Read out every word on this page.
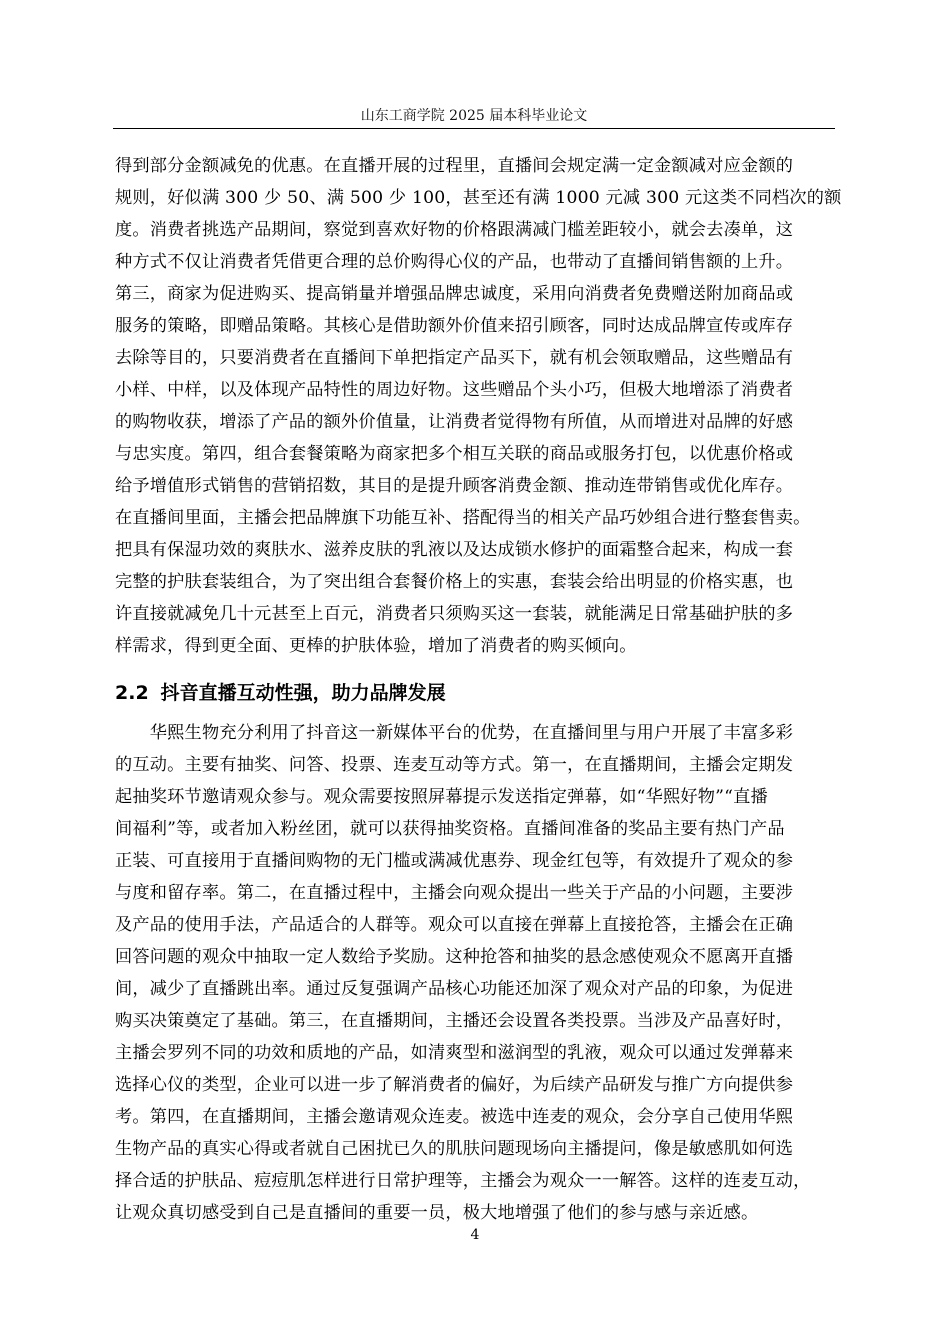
山东工商学院 2025 届本科毕业论文
得到部分金额减免的优惠。在直播开展的过程里，直播间会规定满一定金额减对应金额的
规则，好似满 300 少 50、满 500 少 100，甚至还有满 1000 元减 300 元这类不同档次的额
度。消费者挑选产品期间，察觉到喜欢好物的价格跟满减门槛差距较小，就会去凑单，这
种方式不仅让消费者凭借更合理的总价购得心仪的产品，也带动了直播间销售额的上升。
第三，商家为促进购买、提高销量并增强品牌忠诚度，采用向消费者免费赠送附加商品或
服务的策略，即赠品策略。其核心是借助额外价值来招引顾客，同时达成品牌宣传或库存
去除等目的，只要消费者在直播间下单把指定产品买下，就有机会领取赠品，这些赠品有
小样、中样，以及体现产品特性的周边好物。这些赠品个头小巧，但极大地增添了消费者
的购物收获，增添了产品的额外价值量，让消费者觉得物有所值，从而增进对品牌的好感
与忠实度。第四，组合套餐策略为商家把多个相互关联的商品或服务打包，以优惠价格或
给予增值形式销售的营销招数，其目的是提升顾客消费金额、推动连带销售或优化库存。
在直播间里面，主播会把品牌旗下功能互补、搭配得当的相关产品巧妙组合进行整套售卖。
把具有保湿功效的爽肤水、滋养皮肤的乳液以及达成锁水修护的面霜整合起来，构成一套
完整的护肤套装组合，为了突出组合套餐价格上的实惠，套装会给出明显的价格实惠，也
许直接就减免几十元甚至上百元，消费者只须购买这一套装，就能满足日常基础护肤的多
样需求，得到更全面、更棒的护肤体验，增加了消费者的购买倾向。
2.2 抖音直播互动性强，助力品牌发展
　　华熙生物充分利用了抖音这一新媒体平台的优势，在直播间里与用户开展了丰富多彩
的互动。主要有抽奖、问答、投票、连麦互动等方式。第一，在直播期间，主播会定期发
起抽奖环节邀请观众参与。观众需要按照屏幕提示发送指定弹幕，如“华熙好物”“直播
间福利”等，或者加入粉丝团，就可以获得抽奖资格。直播间准备的奖品主要有热门产品
正装、可直接用于直播间购物的无门槛或满减优惠券、现金红包等，有效提升了观众的参
与度和留存率。第二，在直播过程中，主播会向观众提出一些关于产品的小问题，主要涉
及产品的使用手法，产品适合的人群等。观众可以直接在弹幕上直接抢答，主播会在正确
回答问题的观众中抽取一定人数给予奖励。这种抢答和抽奖的悬念感使观众不愿离开直播
间，减少了直播跳出率。通过反复强调产品核心功能还加深了观众对产品的印象，为促进
购买决策奠定了基础。第三，在直播期间，主播还会设置各类投票。当涉及产品喜好时，
主播会罗列不同的功效和质地的产品，如清爽型和滋润型的乳液，观众可以通过发弹幕来
选择心仪的类型，企业可以进一步了解消费者的偏好，为后续产品研发与推广方向提供参
考。第四，在直播期间，主播会邀请观众连麦。被选中连麦的观众，会分享自己使用华熙
生物产品的真实心得或者就自己困扰已久的肌肤问题现场向主播提问，像是敏感肌如何选
择合适的护肤品、痘痘肌怎样进行日常护理等，主播会为观众一一解答。这样的连麦互动，
让观众真切感受到自己是直播间的重要一员，极大地增强了他们的参与感与亲近感。
4
